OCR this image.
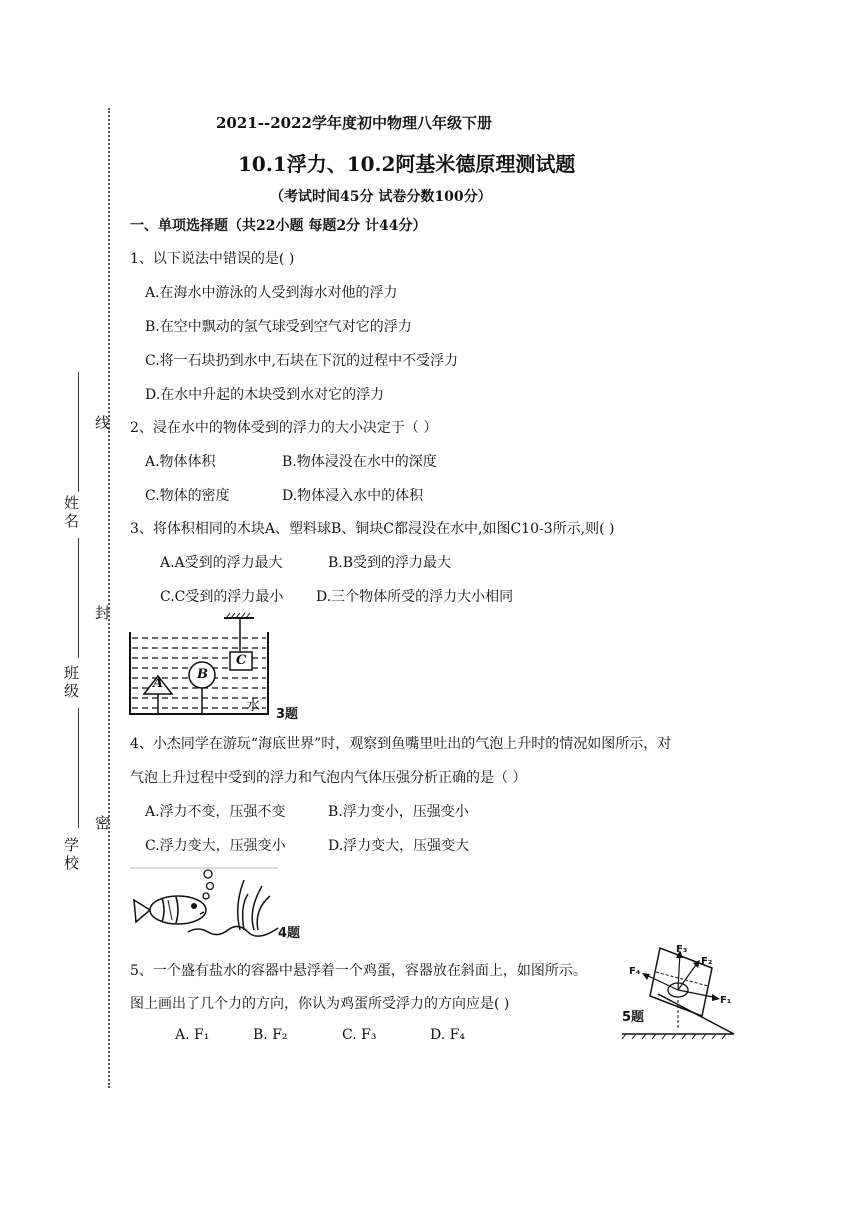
线
封
密
姓名
班级
学校
2021--2022学年度初中物理八年级下册
10.1浮力、10.2阿基米德原理测试题
（考试时间45分 试卷分数100分）
一、单项选择题（共22小题 每题2分 计44分）
1、以下说法中错误的是( )
A.在海水中游泳的人受到海水对他的浮力
B.在空中飘动的氢气球受到空气对它的浮力
C.将一石块扔到水中,石块在下沉的过程中不受浮力
D.在水中升起的木块受到水对它的浮力
2、浸在水中的物体受到的浮力的大小决定于（ ）
A.物体体积	B.物体浸没在水中的深度
C.物体的密度	D.物体浸入水中的体积
3、将体积相同的木块A、塑料球B、铜块C都浸没在水中,如图C10-3所示,则( )
A.A受到的浮力最大	B.B受到的浮力最大
C.C受到的浮力最小 D.三个物体所受的浮力大小相同
A
B
C
水
3题
4、小杰同学在游玩“海底世界”时，观察到鱼嘴里吐出的气泡上升时的情况如图所示，对
气泡上升过程中受到的浮力和气泡内气体压强分析正确的是（ ）
A.浮力不变，压强不变	B.浮力变小，压强变小
C.浮力变大，压强变小	D.浮力变大，压强变大
4题
5、一个盛有盐水的容器中悬浮着一个鸡蛋，容器放在斜面上，如图所示。
图上画出了几个力的方向，你认为鸡蛋所受浮力的方向应是( )
A. F₁	B. F₂	C. F₃	D. F₄
F₃
F₂
F₁
F₄
5题
